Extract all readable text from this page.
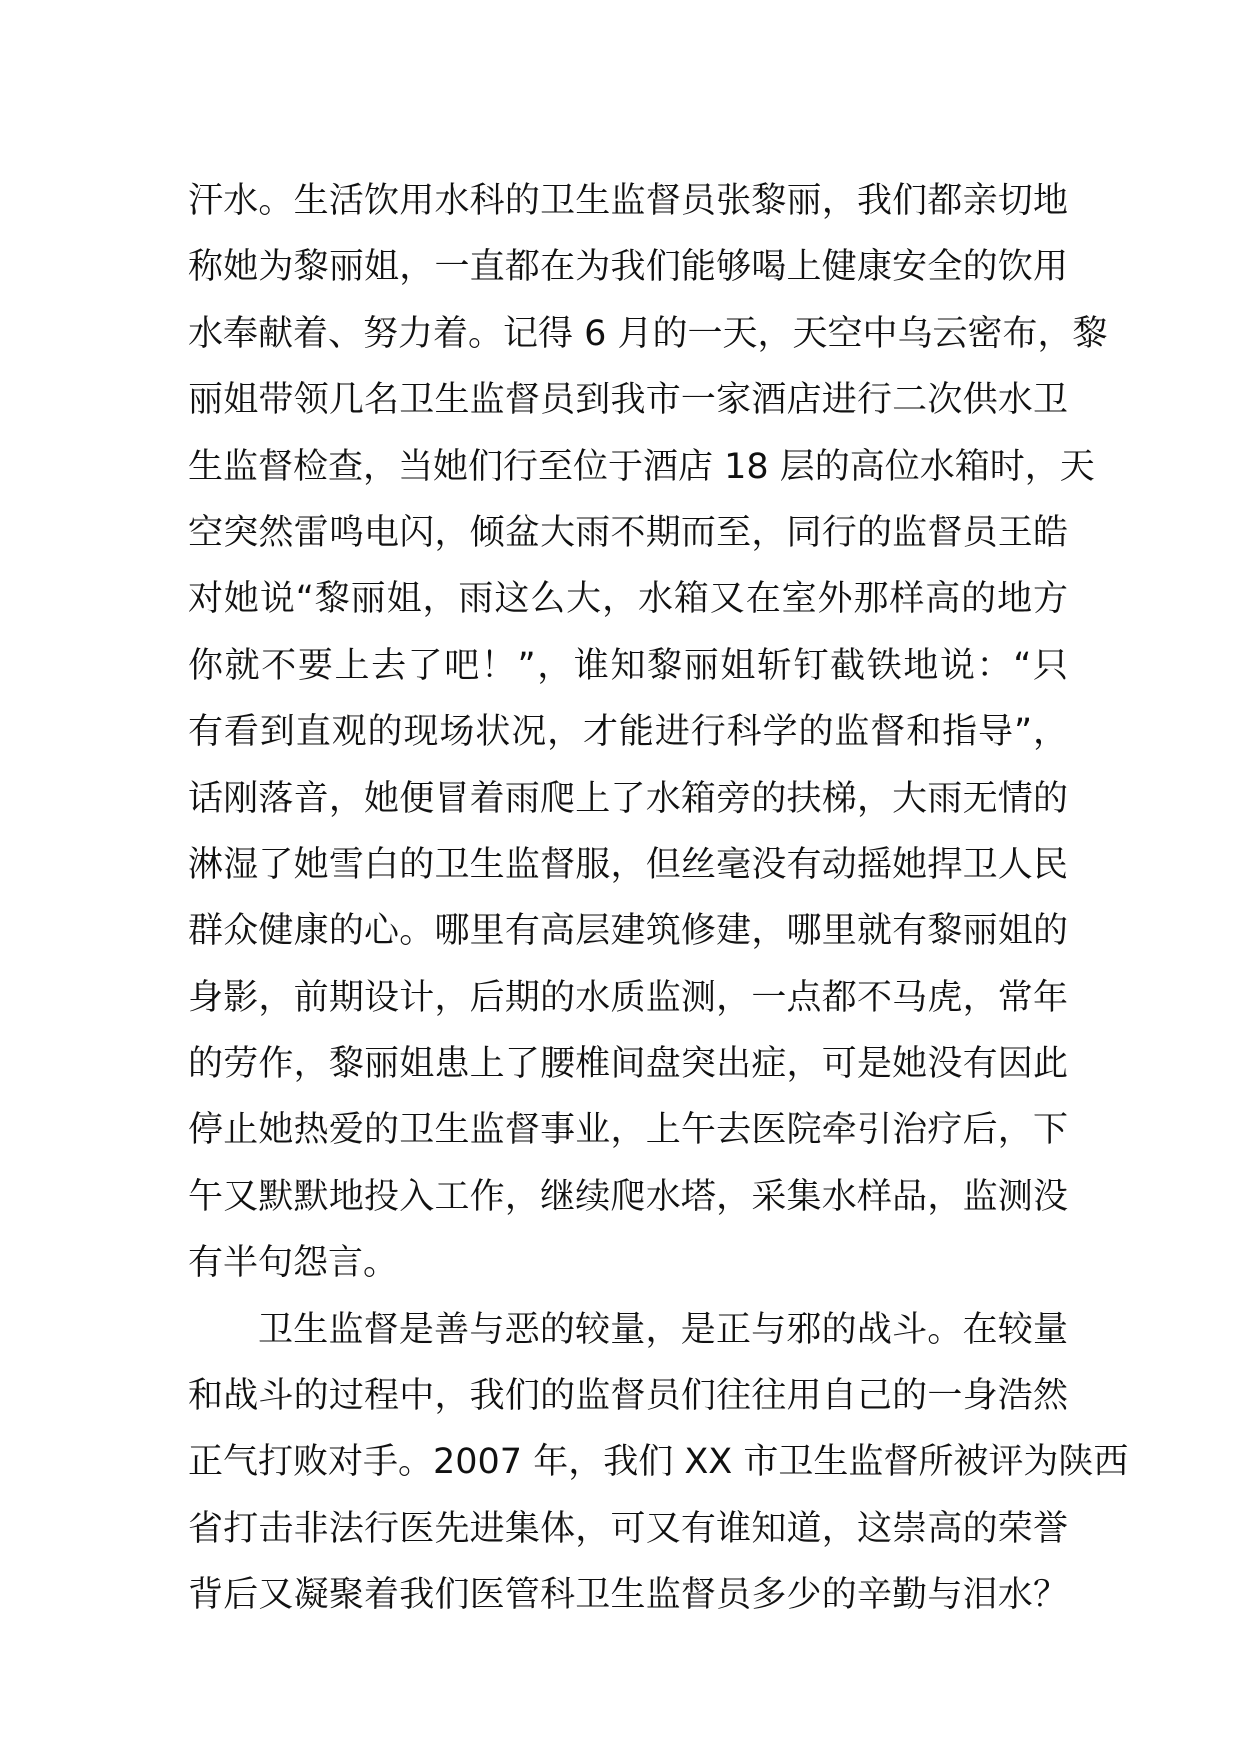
汗水。生活饮用水科的卫生监督员张黎丽，我们都亲切地
称她为黎丽姐，一直都在为我们能够喝上健康安全的饮用
水奉献着、努力着。记得 6 月的一天，天空中乌云密布，黎
丽姐带领几名卫生监督员到我市一家酒店进行二次供水卫
生监督检查，当她们行至位于酒店 18 层的高位水箱时，天
空突然雷鸣电闪，倾盆大雨不期而至，同行的监督员王皓
对她说“黎丽姐，雨这么大，水箱又在室外那样高的地方
你就不要上去了吧！”，谁知黎丽姐斩钉截铁地说：“只
有看到直观的现场状况，才能进行科学的监督和指导”，
话刚落音，她便冒着雨爬上了水箱旁的扶梯，大雨无情的
淋湿了她雪白的卫生监督服，但丝毫没有动摇她捍卫人民
群众健康的心。哪里有高层建筑修建，哪里就有黎丽姐的
身影，前期设计，后期的水质监测，一点都不马虎，常年
的劳作，黎丽姐患上了腰椎间盘突出症，可是她没有因此
停止她热爱的卫生监督事业，上午去医院牵引治疗后，下
午又默默地投入工作，继续爬水塔，采集水样品，监测没
有半句怨言。
卫生监督是善与恶的较量，是正与邪的战斗。在较量
和战斗的过程中，我们的监督员们往往用自己的一身浩然
正气打败对手。2007 年，我们 XX 市卫生监督所被评为陕西
省打击非法行医先进集体，可又有谁知道，这崇高的荣誉
背后又凝聚着我们医管科卫生监督员多少的辛勤与泪水？
